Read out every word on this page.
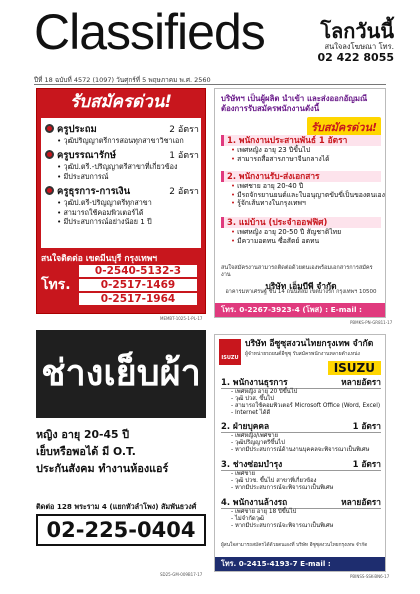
Classifieds	โลกวันนี้
สนใจลงโฆษณา โทร.
02 422 8055
ปีที่ 18 ฉบับที่ 4572 (1097) วันศุกร์ที่ 5 พฤษภาคม พ.ศ. 2560
รับสมัครด่วน!
ครูประถม	2 อัตรา
• วุฒิปริญญาตรีการสอนทุกสาขาวิชาเอก
ครูบรรณารักษ์	1 อัตรา
• วุฒิป.ตรี.-ปริญญาตรีสาขาที่เกี่ยวข้อง
• มีประสบการณ์
ครูธุรการ-การเงิน	2 อัตรา
• วุฒิป.ตรี-ปริญญาตรีทุกสาขา
• สามารถใช้คอมพิวเตอร์ได้
• มีประสบการณ์อย่างน้อย 1 ปี
สนใจติดต่อ เขตมีนบุรี กรุงเทพฯ
โทร.
0-2540-5132-3
0-2517-1469
0-2517-1964
MEMBT-1025-1-PL-17
บริษัทฯ เป็นผู้ผลิต นำเข้า และส่งออกอัญมณี ต้องการรับสมัครพนักงานดังนี้
รับสมัครด่วน!
1. พนักงานประสานพันธ์ 1 อัตรา
• เพศหญิง อายุ 23 ปีขึ้นไป
• สามารถสื่อสารภาษาจีนกลางได้
2. พนักงานรับ-ส่งเอกสาร
• เพศชาย อายุ 20-40 ปี
• มีรถจักรยานยนต์และใบอนุญาตขับขี่เป็นของตนเอง
• รู้จักเส้นทางในกรุงเทพฯ
3. แม่บ้าน (ประจำออฟฟิศ)
• เพศหญิง อายุ 20-50 ปี สัญชาติไทย
• มีความอดทน ซื่อสัตย์ อดทน
สนใจสมัครงานสามารถติดต่อด้วยตนเองพร้อมเอกสารการสมัครงาน
บริษัท เอ็มบีพี จำกัด
อาคารมหาเศรษฐ์ ชั้น 14 ถนนสีลม เขตบางรัก กรุงเทพฯ 10500
โทร. 0-2267-3923-4 (โพส) : E-mail : mngmanee@ksc.th.com	PBMKS-PN-GR811-17
ช่างเย็บผ้า
หญิง อายุ 20-45 ปี
เย็บหรือพอได้ มี O.T.
ประกันสังคม ทำงานห้องแอร์
ติดต่อ 128 พระราม 4 (แยกหัวลำโพง) สัมพันธวงศ์
02-225-0404
SD25-GM-009B17-17
ISUZU
บริษัท อีซูซุสงวนไทยกรุงเทพ จำกัด
ผู้จำหน่ายรถยนต์อีซูซุ รับสมัครพนักงานหลายตำแหน่ง
ISUZU
1. พนักงานธุรการ	หลายอัตรา
- เพศหญิง อายุ 20 ปีขึ้นไป
- วุฒิ ปวส. ขึ้นไป
- สามารถใช้คอมพิวเตอร์ Microsoft Office (Word, Excel)
- Internet ได้ดี
2. ฝ่ายบุคคล	1 อัตรา
- เพศหญิง/เพศชาย
- วุฒิปริญญาตรีขึ้นไป
- หากมีประสบการณ์ด้านงานบุคคลจะพิจารณาเป็นพิเศษ
3. ช่างซ่อมบำรุง	1 อัตรา
- เพศชาย
- วุฒิ ปวช. ขึ้นไป สาขาที่เกี่ยวข้อง
- หากมีประสบการณ์จะพิจารณาเป็นพิเศษ
4. พนักงานล้างรถ	หลายอัตรา
- เพศชาย อายุ 18 ปีขึ้นไป
- ไม่จำกัดวุฒิ
- หากมีประสบการณ์จะพิจารณาเป็นพิเศษ
ผู้สนใจสามารถสมัครได้ด้วยตนเองที่ บริษัท อีซูซุสงวนไทยกรุงเทพ จำกัด
โทร. 0-2415-4193-7 E-mail : sskmc11@hotmail.com	PBINSS-SSK-BN6-17
